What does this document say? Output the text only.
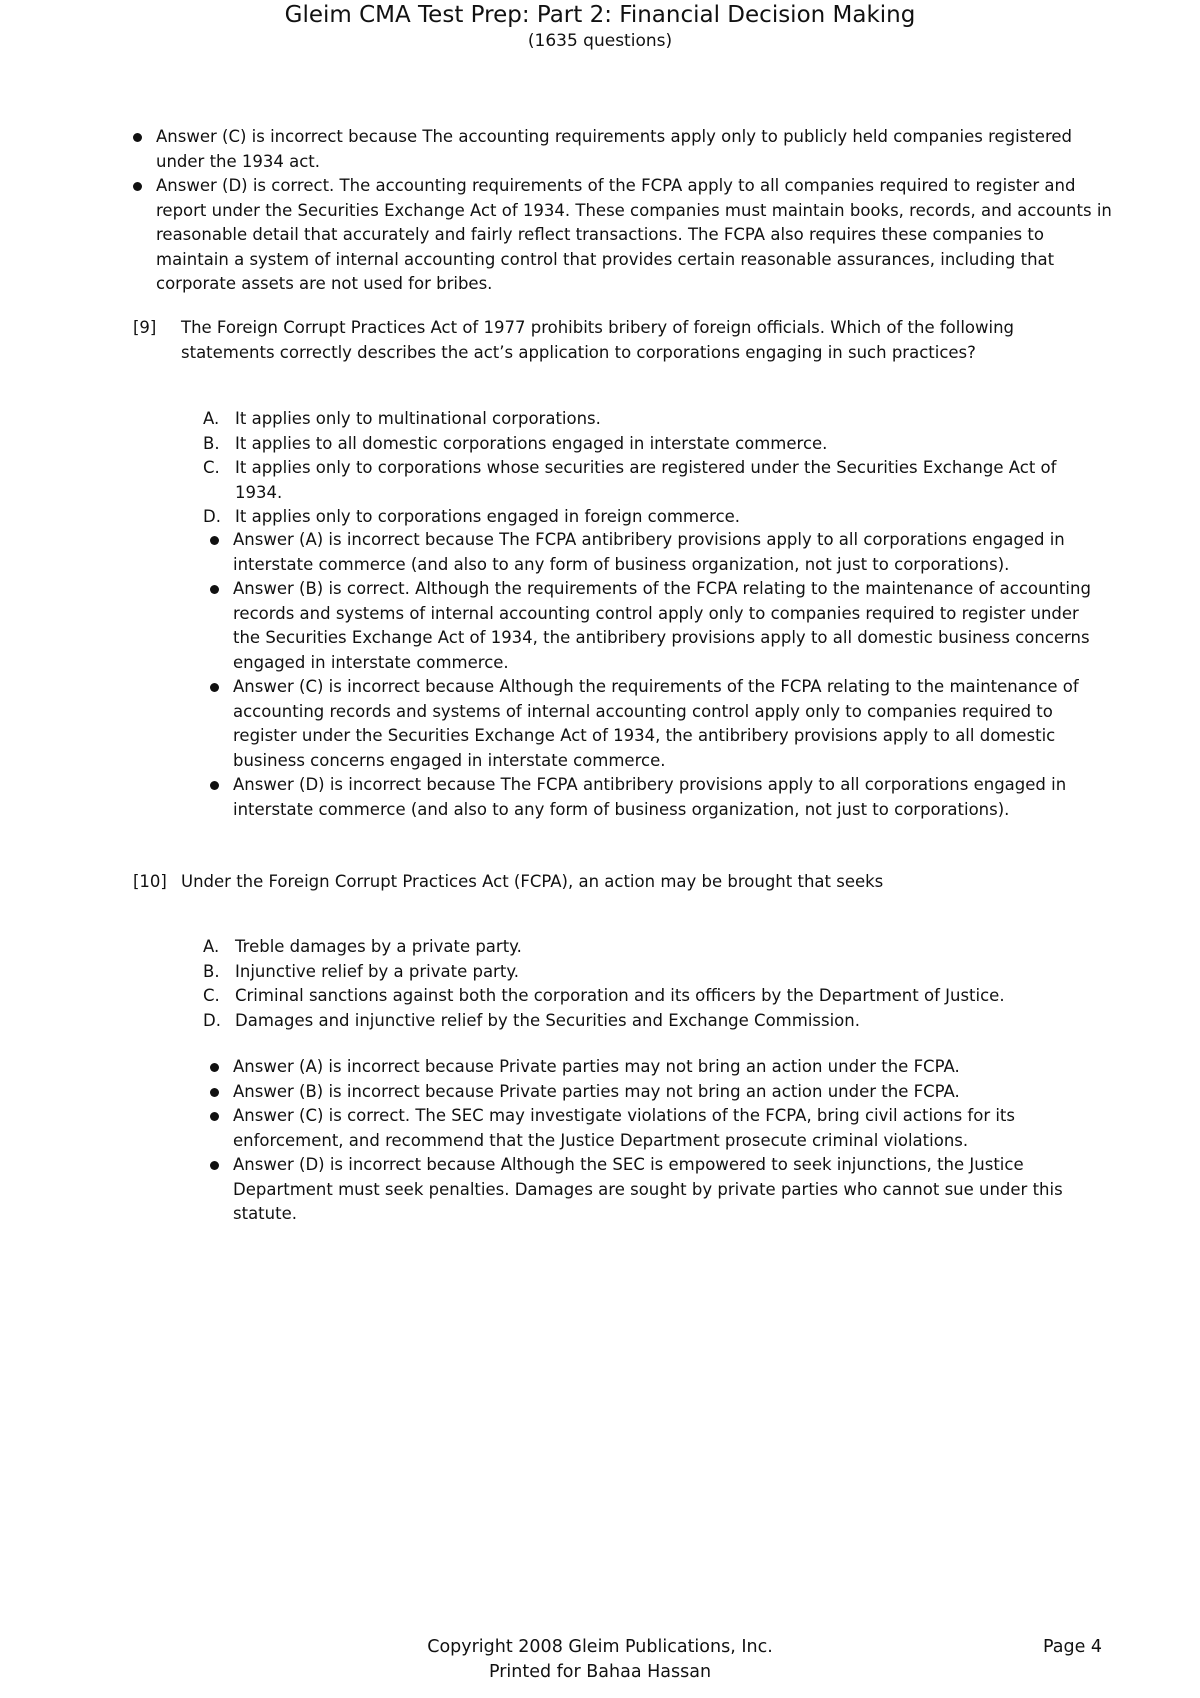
Gleim CMA Test Prep: Part 2: Financial Decision Making
(1635 questions)
Answer (C) is incorrect because The accounting requirements apply only to publicly held companies registered under the 1934 act.
Answer (D) is correct. The accounting requirements of the FCPA apply to all companies required to register and report under the Securities Exchange Act of 1934. These companies must maintain books, records, and accounts in reasonable detail that accurately and fairly reflect transactions. The FCPA also requires these companies to maintain a system of internal accounting control that provides certain reasonable assurances, including that corporate assets are not used for bribes.
[9]	The Foreign Corrupt Practices Act of 1977 prohibits bribery of foreign officials. Which of the following statements correctly describes the act’s application to corporations engaging in such practices?
A. It applies only to multinational corporations.
B. It applies to all domestic corporations engaged in interstate commerce.
C. It applies only to corporations whose securities are registered under the Securities Exchange Act of 1934.
D. It applies only to corporations engaged in foreign commerce.
Answer (A) is incorrect because The FCPA antibribery provisions apply to all corporations engaged in interstate commerce (and also to any form of business organization, not just to corporations).
Answer (B) is correct. Although the requirements of the FCPA relating to the maintenance of accounting records and systems of internal accounting control apply only to companies required to register under the Securities Exchange Act of 1934, the antibribery provisions apply to all domestic business concerns engaged in interstate commerce.
Answer (C) is incorrect because Although the requirements of the FCPA relating to the maintenance of accounting records and systems of internal accounting control apply only to companies required to register under the Securities Exchange Act of 1934, the antibribery provisions apply to all domestic business concerns engaged in interstate commerce.
Answer (D) is incorrect because The FCPA antibribery provisions apply to all corporations engaged in interstate commerce (and also to any form of business organization, not just to corporations).
[10] Under the Foreign Corrupt Practices Act (FCPA), an action may be brought that seeks
A. Treble damages by a private party.
B. Injunctive relief by a private party.
C. Criminal sanctions against both the corporation and its officers by the Department of Justice.
D. Damages and injunctive relief by the Securities and Exchange Commission.
Answer (A) is incorrect because Private parties may not bring an action under the FCPA.
Answer (B) is incorrect because Private parties may not bring an action under the FCPA.
Answer (C) is correct. The SEC may investigate violations of the FCPA, bring civil actions for its enforcement, and recommend that the Justice Department prosecute criminal violations.
Answer (D) is incorrect because Although the SEC is empowered to seek injunctions, the Justice Department must seek penalties. Damages are sought by private parties who cannot sue under this statute.
Copyright 2008 Gleim Publications, Inc.
Printed for Bahaa Hassan
Page 4
